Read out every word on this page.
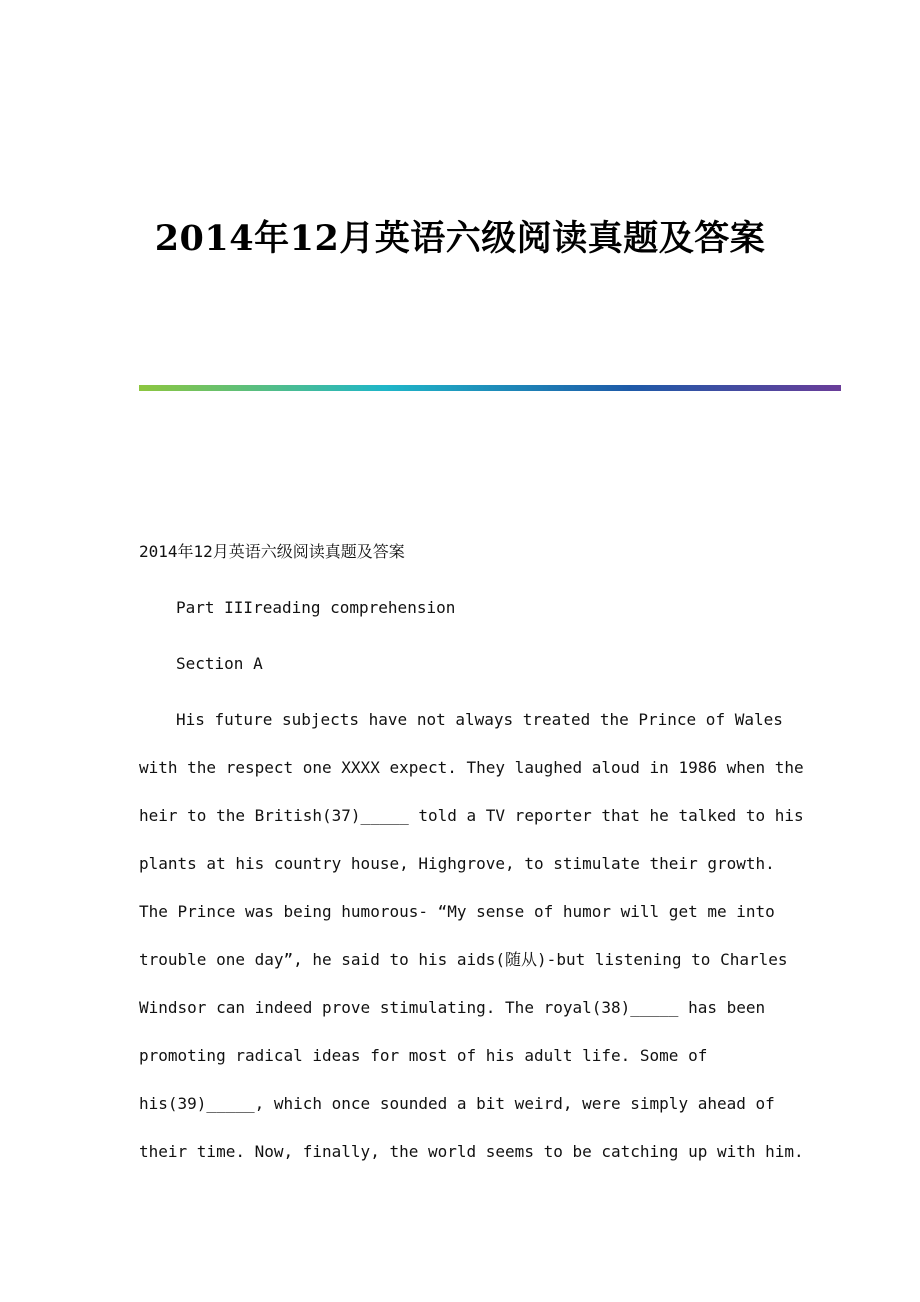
2014年12月英语六级阅读真题及答案
2014年12月英语六级阅读真题及答案
Part IIIreading comprehension
Section A
His future subjects have not always treated the Prince of Wales
with the respect one XXXX expect. They laughed aloud in 1986 when the
heir to the British(37)_____ told a TV reporter that he talked to his
plants at his country house, Highgrove, to stimulate their growth.
The Prince was being humorous- “My sense of humor will get me into
trouble one day”, he said to his aids(随从)-but listening to Charles
Windsor can indeed prove stimulating. The royal(38)_____ has been
promoting radical ideas for most of his adult life. Some of
his(39)_____, which once sounded a bit weird, were simply ahead of
their time. Now, finally, the world seems to be catching up with him.
